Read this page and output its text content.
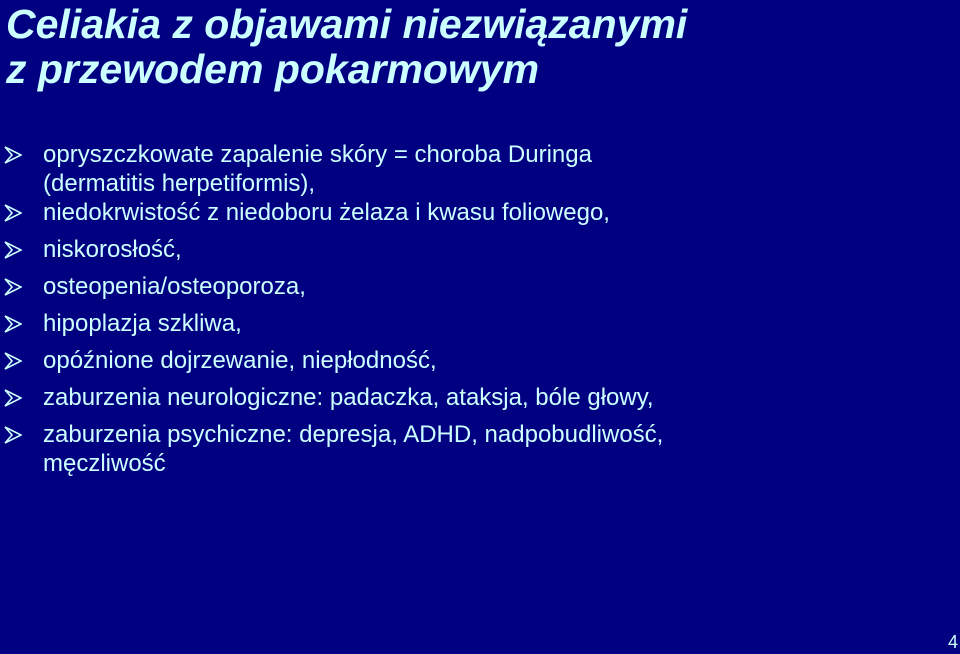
Celiakia z objawami niezwiązanymi
z przewodem pokarmowym
opryszczkowate zapalenie skóry = choroba Duringa
(dermatitis herpetiformis),
niedokrwistość z niedoboru żelaza i kwasu foliowego,
niskorosłość,
osteopenia/osteoporoza,
hipoplazja szkliwa,
opóźnione dojrzewanie, niepłodność,
zaburzenia neurologiczne: padaczka, ataksja, bóle głowy,
zaburzenia psychiczne: depresja, ADHD, nadpobudliwość,
męczliwość
4
